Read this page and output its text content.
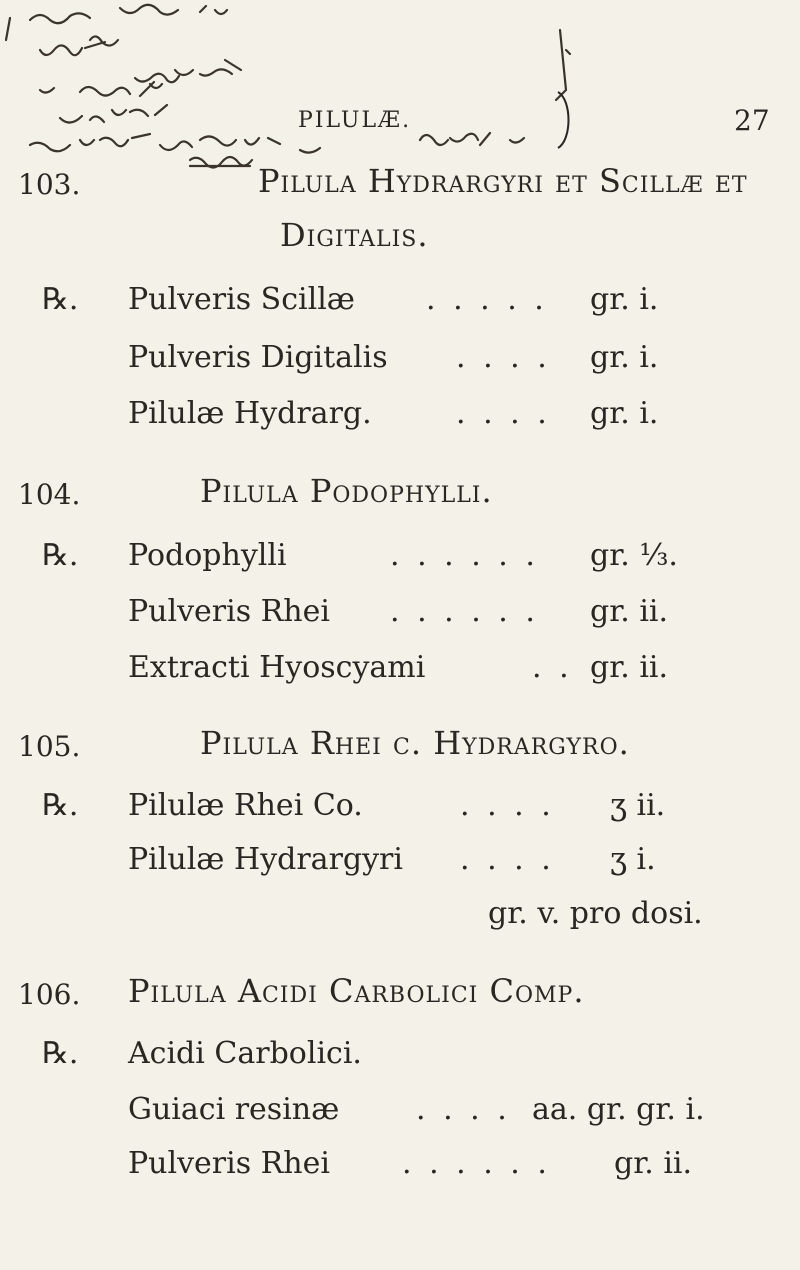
PILULÆ.	27
103.	Pilula Hydrargyri et Scillæ et
Digitalis.
℞. Pulveris Scillæ . . . . . gr. i.
Pulveris Digitalis . . . . gr. i.
Pilulæ Hydrarg.	. . . . gr. i.
104.	Pilula Podophylli.
℞. Podophylli	. . . . . . gr. ⅓.
Pulveris Rhei . . . . . . gr. ii.
Extracti Hyoscyami	. . gr. ii.
105.	Pilula Rhei c. Hydrargyro.
℞. Pilulæ Rhei Co.	. . . . ʒ ii.
Pilulæ Hydrargyri . . . . ʒ i.
gr. v. pro dosi.
106. Pilula Acidi Carbolici Comp.
℞. Acidi Carbolici.
Guiaci resinæ	. . . . aa. gr. gr. i.
Pulveris Rhei . . . . . . gr. ii.
